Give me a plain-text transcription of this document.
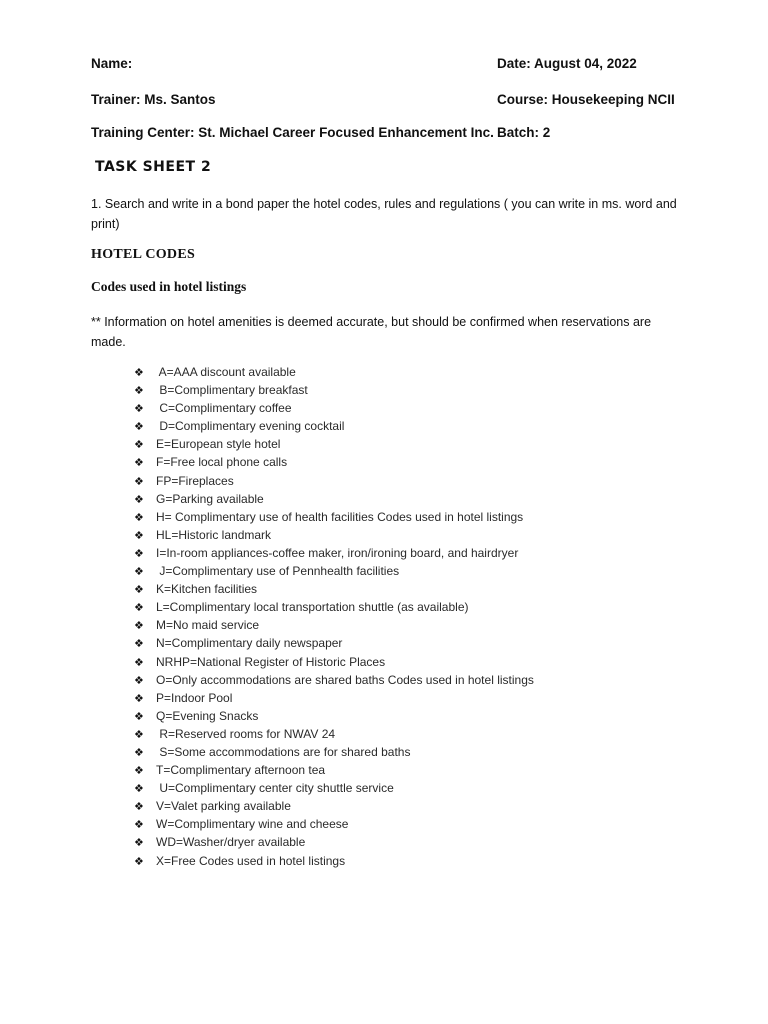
Name:	Date: August 04, 2022
Trainer: Ms. Santos	Course: Housekeeping NCII
Training Center: St. Michael Career Focused Enhancement Inc. Batch: 2
TASK SHEET 2
1. Search and write in a bond paper the hotel codes, rules and regulations ( you can write in ms. word and print)
HOTEL CODES
Codes used in hotel listings
** Information on hotel amenities is deemed accurate, but should be confirmed when reservations are made.
❖ A=AAA discount available
❖ B=Complimentary breakfast
❖ C=Complimentary coffee
❖ D=Complimentary evening cocktail
❖ E=European style hotel
❖ F=Free local phone calls
❖ FP=Fireplaces
❖ G=Parking available
❖ H= Complimentary use of health facilities Codes used in hotel listings
❖ HL=Historic landmark
❖ I=In-room appliances-coffee maker, iron/ironing board, and hairdryer
❖ J=Complimentary use of Pennhealth facilities
❖ K=Kitchen facilities
❖ L=Complimentary local transportation shuttle (as available)
❖ M=No maid service
❖ N=Complimentary daily newspaper
❖ NRHP=National Register of Historic Places
❖ O=Only accommodations are shared baths Codes used in hotel listings
❖ P=Indoor Pool
❖ Q=Evening Snacks
❖ R=Reserved rooms for NWAV 24
❖ S=Some accommodations are for shared baths
❖ T=Complimentary afternoon tea
❖ U=Complimentary center city shuttle service
❖ V=Valet parking available
❖ W=Complimentary wine and cheese
❖ WD=Washer/dryer available
❖ X=Free Codes used in hotel listings
